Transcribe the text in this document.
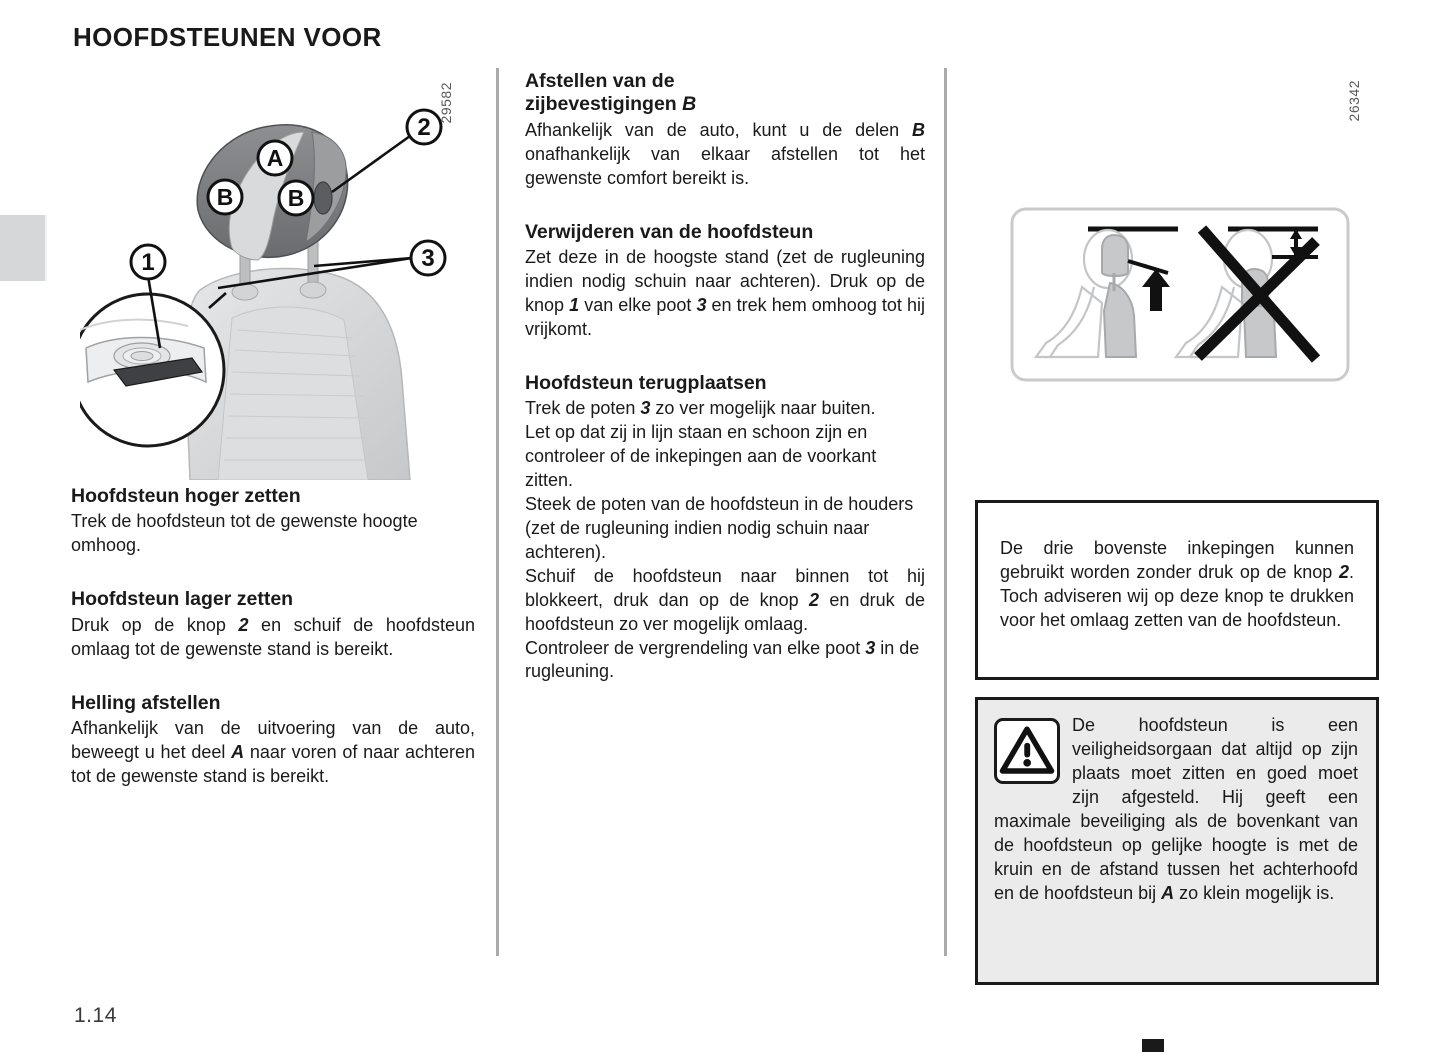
HOOFDSTEUNEN VOOR
Hoofdsteun hoger zetten

Trek de hoofdsteun tot de gewenste hoogte omhoog.

Hoofdsteun lager zetten

Druk op de knop 2 en schuif de hoofdsteun omlaag tot de gewenste stand is bereikt.

Helling afstellen

Afhankelijk van de uitvoering van de auto, beweegt u het deel A naar voren of naar achteren tot de gewenste stand is bereikt.

29582
2
3
1
A
B B
Afstellen van de
zijbevestigingen B

Afhankelijk van de auto, kunt u de delen B onafhankelijk van elkaar afstellen tot het gewenste comfort bereikt is.

Verwijderen van de hoofdsteun

Zet deze in de hoogste stand (zet de rugleuning indien nodig schuin naar achteren). Druk op de knop 1 van elke poot 3 en trek hem omhoog tot hij vrijkomt.

Hoofdsteun terugplaatsen

Trek de poten 3 zo ver mogelijk naar buiten.

Let op dat zij in lijn staan en schoon zijn en controleer of de inkepingen aan de voorkant zitten.

Steek de poten van de hoofdsteun in de houders (zet de rugleuning indien nodig schuin naar achteren).

Schuif de hoofdsteun naar binnen tot hij blokkeert, druk dan op de knop 2 en druk de hoofdsteun zo ver mogelijk omlaag.

Controleer de vergrendeling van elke poot 3 in de rugleuning.

26342

De drie bovenste inkepingen kunnen gebruikt worden zonder druk op de knop 2. Toch adviseren wij op deze knop te drukken voor het omlaag zetten van de hoofdsteun.

De hoofdsteun is een veiligheidsorgaan dat altijd op zijn plaats moet zitten en goed moet zijn afgesteld. Hij geeft een maximale beveiliging als de bovenkant van de hoofdsteun op gelijke hoogte is met de kruin en de afstand tussen het achterhoofd en de hoofdsteun bij A zo klein mogelijk is.

1.14
